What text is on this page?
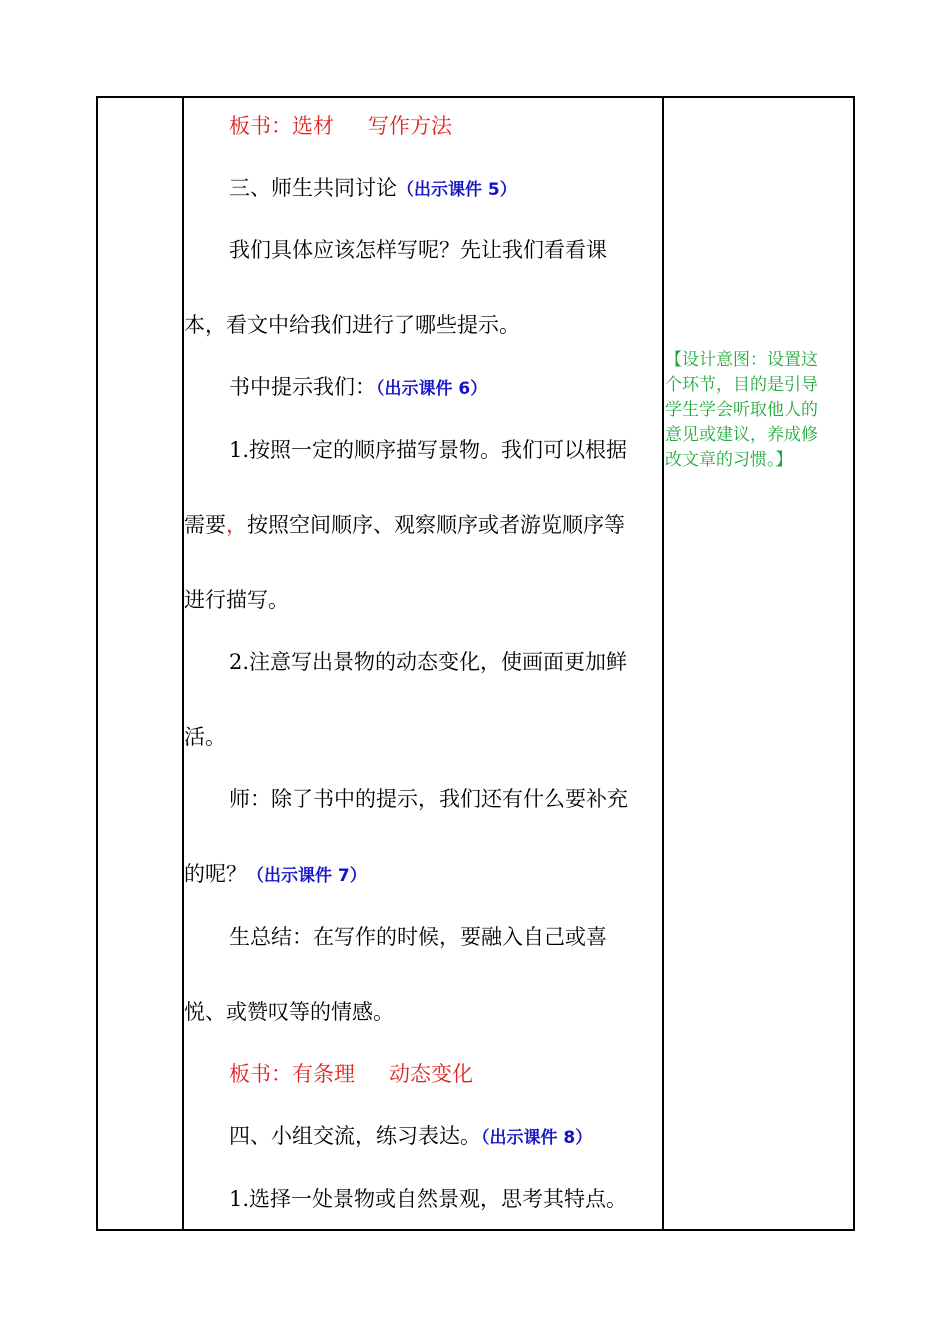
板书：选材 写作方法
三、师生共同讨论（出示课件 5）
我们具体应该怎样写呢？先让我们看看课
本，看文中给我们进行了哪些提示。
书中提示我们：（出示课件 6）
1.按照一定的顺序描写景物。我们可以根据
需要，按照空间顺序、观察顺序或者游览顺序等
进行描写。
2.注意写出景物的动态变化，使画面更加鲜
活。
师：除了书中的提示，我们还有什么要补充
的呢？（出示课件 7）
生总结：在写作的时候，要融入自己或喜
悦、或赞叹等的情感。
板书：有条理 动态变化
四、小组交流，练习表达。（出示课件 8）
1.选择一处景物或自然景观，思考其特点。
【设计意图：设置这
个环节，目的是引导
学生学会听取他人的
意见或建议，养成修
改文章的习惯。】
